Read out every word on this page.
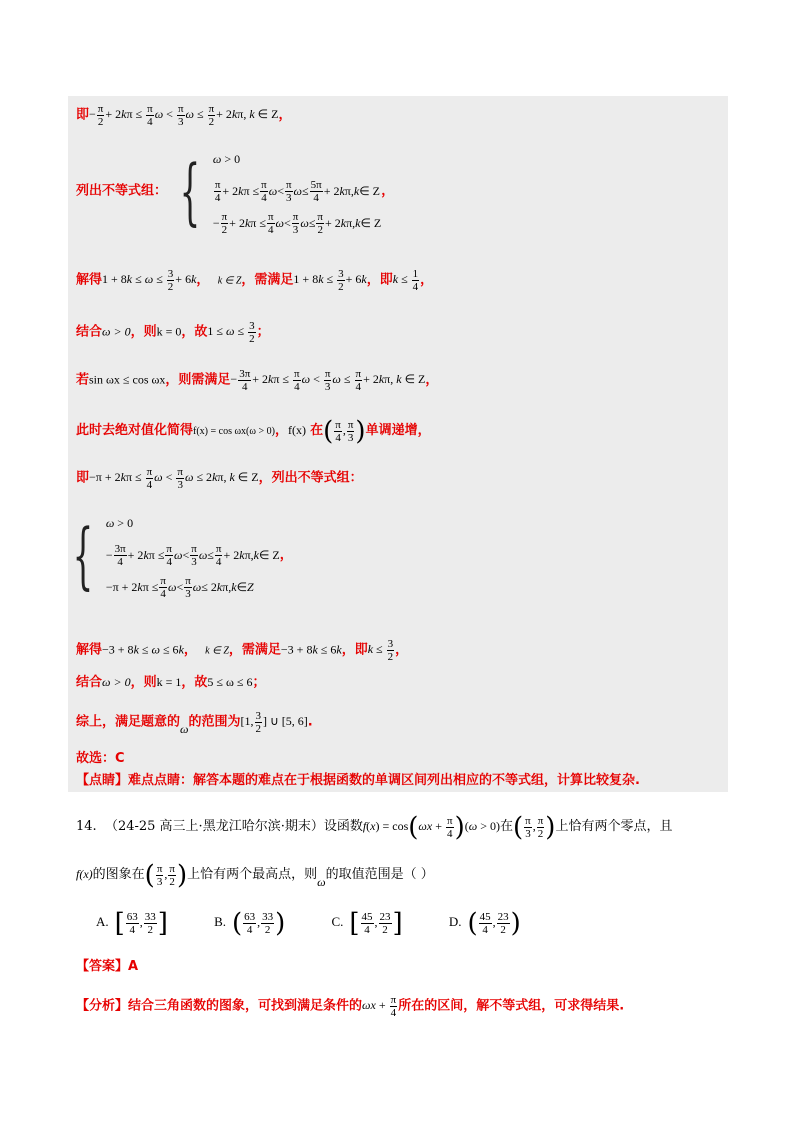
即− $\frac{\pi}{2} + 2k\pi \le \frac{\pi}{4}$ $\omega < \frac{\pi}{3}$ $\omega \le \frac{\pi}{2} + 2k\pi$, k ∈ Z，
列出不等式组： { ω > 0
$\frac{\pi}{4} + 2$ k $\pi \le \frac{\pi}{4}$ $\omega < \frac{\pi}{3}$ $\omega \le \frac{5\pi}{4} + 2$ k π, k ∈ Z
− $\frac{\pi}{2} + 2$ k $\pi \le \frac{\pi}{4}$ $\omega < \frac{\pi}{3}$ $\omega \le \frac{\pi}{2} + 2$ k π, k ∈ Z
，
解得$1 + 8k \le \omega \le \frac{3}{2} + 6k$， k ∈ Z，需满足$1 + 8k \le \frac{3}{2} + 6k$，即$k \le \frac{1}{4}$ ，
结合ω > 0，则k = 0，故$1 \le \omega \le \frac{3}{2}$ ；
若sin ωx ≤ cos ωx，则需满足− $\frac{3\pi}{4} + 2k\pi \le \frac{\pi}{4}$ $\omega < \frac{\pi}{3}$ $\omega \le \frac{\pi}{4} + 2k\pi$, k ∈ Z，
此时去绝对值化简得f(x) = cos ωx(ω > 0)，f(x) 在( $\frac{\pi}{4}$ , $\frac{\pi}{3}$ )单调递增，
即$-\pi + 2k\pi \le \frac{\pi}{4}$ $\omega < \frac{\pi}{3}$ ω ≤ 2kπ, k ∈ Z，列出不等式组：
{ ω > 0
− $\frac{3\pi}{4} + 2$ k $\pi \le \frac{\pi}{4}$ $\omega < \frac{\pi}{3}$ $\omega \le \frac{\pi}{4} + 2$ k π, k ∈ Z
−π + 2 k $\pi \le \frac{\pi}{4}$ $\omega < \frac{\pi}{3}$ ω ≤ 2 k π, k ∈ Z
，
解得−3 + 8k ≤ ω ≤ 6k， k ∈ Z，需满足−3 + 8k ≤ 6k，即$k \le \frac{3}{2}$ ，
结合ω > 0，则k = 1，故5 ≤ ω ≤ 6；
综上，满足题意的ω的范围为[1, $\frac{3}{2}$ ] ∪ [5, 6].
故选：C
【点睛】难点点睛：解答本题的难点在于根据函数的单调区间列出相应的不等式组，计算比较复杂.
14. （24-25 高三上·黑龙江哈尔滨·期末）设函数$f(x) = \cos(\omega x + \frac{\pi}{4} )(\omega > 0)$在( $\frac{\pi}{3}$ , $\frac{\pi}{2}$ )上恰有两个零点，且
f(x)的图象在( $\frac{\pi}{3}$ , $\frac{\pi}{2}$ )上恰有两个最高点，则ω的取值范围是（ ）
A. [ $\frac{63}{4}$ , $\frac{33}{2}$ ]	B. ( $\frac{63}{4}$ , $\frac{33}{2}$ )	C. [ $\frac{45}{4}$ , $\frac{23}{2}$ ]	D. ( $\frac{45}{4}$ , $\frac{23}{2}$ )
【答案】A
【分析】结合三角函数的图象，可找到满足条件的$\omega x + \frac{\pi}{4}$ 所在的区间，解不等式组，可求得结果.
